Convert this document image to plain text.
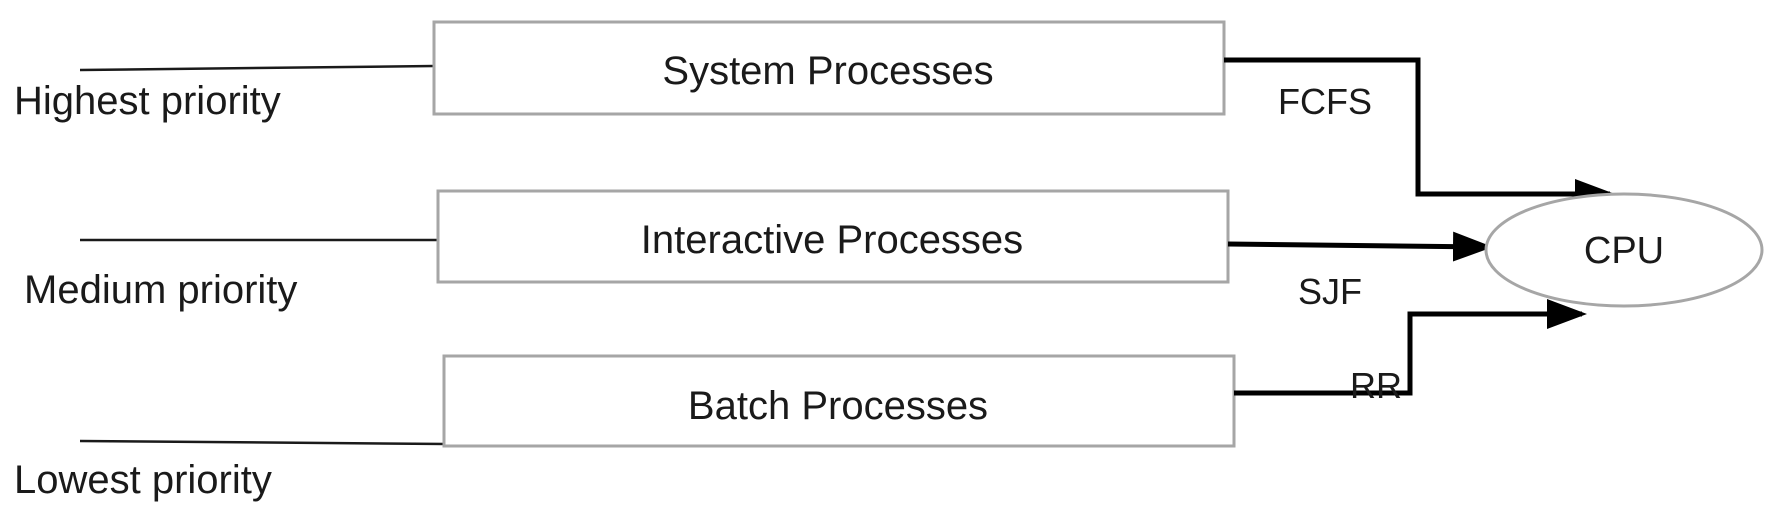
System Processes
Interactive Processes
Batch Processes
Highest priority
Medium priority
Lowest priority
FCFS
SJF
RR
CPU
